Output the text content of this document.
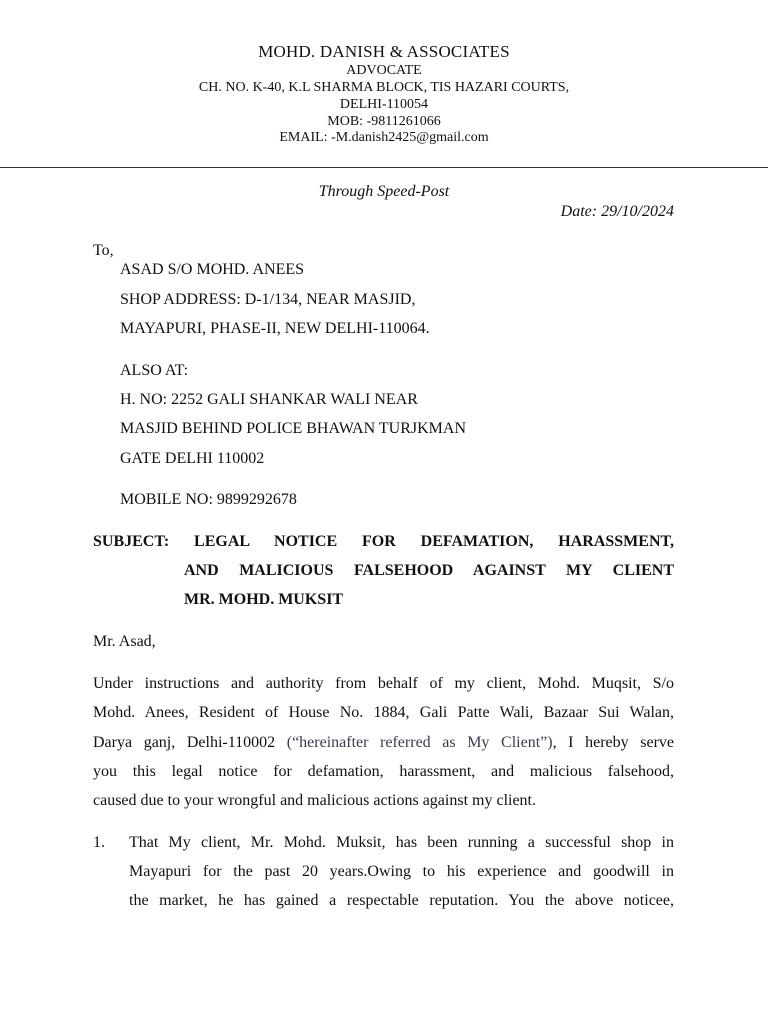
MOHD. DANISH & ASSOCIATES
ADVOCATE
CH. NO. K-40, K.L SHARMA BLOCK, TIS HAZARI COURTS,
DELHI-110054
MOB: -9811261066
EMAIL: -M.danish2425@gmail.com
Through Speed-Post
Date: 29/10/2024
To,
ASAD S/O MOHD. ANEES
SHOP ADDRESS: D-1/134, NEAR MASJID,
MAYAPURI, PHASE-II, NEW DELHI-110064.
ALSO AT:
H. NO: 2252 GALI SHANKAR WALI NEAR
MASJID BEHIND POLICE BHAWAN TURJKMAN
GATE DELHI 110002
MOBILE NO: 9899292678
SUBJECT: LEGAL NOTICE FOR DEFAMATION, HARASSMENT,
AND MALICIOUS FALSEHOOD AGAINST MY CLIENT
MR. MOHD. MUKSIT
Mr. Asad,
Under instructions and authority from behalf of my client, Mohd. Muqsit, S/o
Mohd. Anees, Resident of House No. 1884, Gali Patte Wali, Bazaar Sui Walan,
Darya ganj, Delhi-110002 (“hereinafter referred as My Client”), I hereby serve
you this legal notice for defamation, harassment, and malicious falsehood,
caused due to your wrongful and malicious actions against my client.
1. That My client, Mr. Mohd. Muksit, has been running a successful shop in
Mayapuri for the past 20 years.Owing to his experience and goodwill in
the market, he has gained a respectable reputation. You the above noticee,
